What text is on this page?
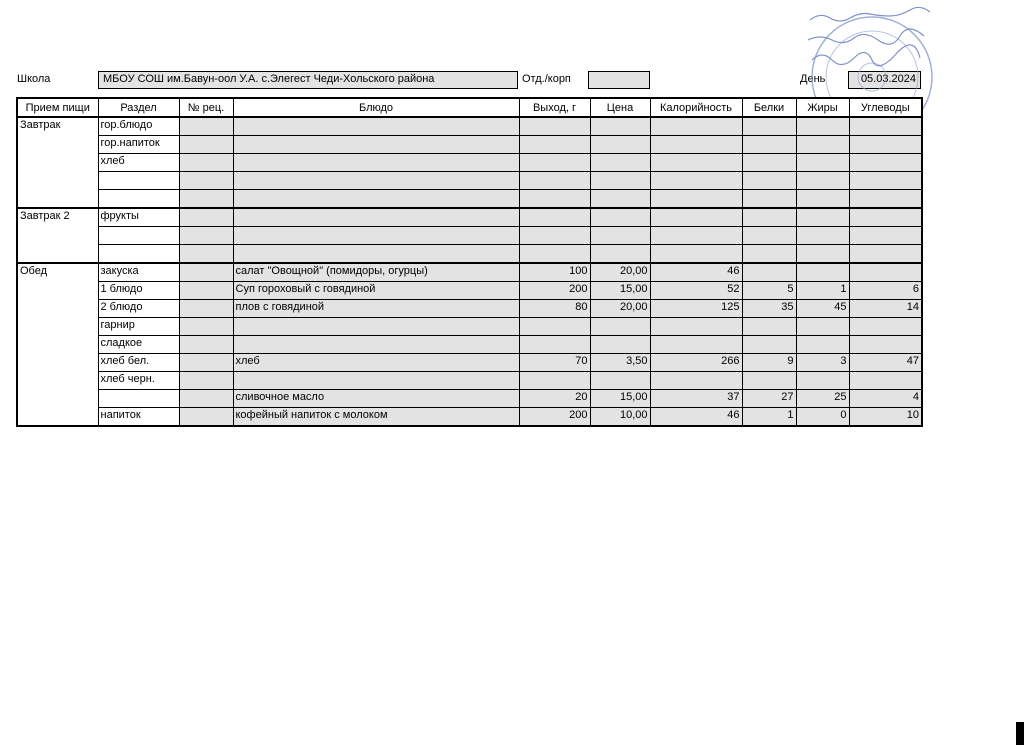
Школа	МБОУ СОШ им.Бавун-оол У.А. с.Элегест Чеди-Хольского района	Отд./корп	День	05.03.2024
Прием пищи	Раздел	№ рец.	Блюдо	Выход, г	Цена	Калорийность	Белки	Жиры	Углеводы
Завтрак	гор.блюдо								
	гор.напиток								
	хлеб								

Завтрак 2	фрукты								

Обед	закуска		салат "Овощной" (помидоры, огурцы)	100	20,00	46			
	1 блюдо		Суп гороховый с говядиной	200	15,00	52	5	1	6
	2 блюдо		плов с говядиной	80	20,00	125	35	45	14
	гарнир								
	сладкое								
	хлеб бел.		хлеб	70	3,50	266	9	3	47
	хлеб черн.								
			сливочное масло	20	15,00	37	27	25	4
	напиток		кофейный напиток с молоком	200	10,00	46	1	0	10
